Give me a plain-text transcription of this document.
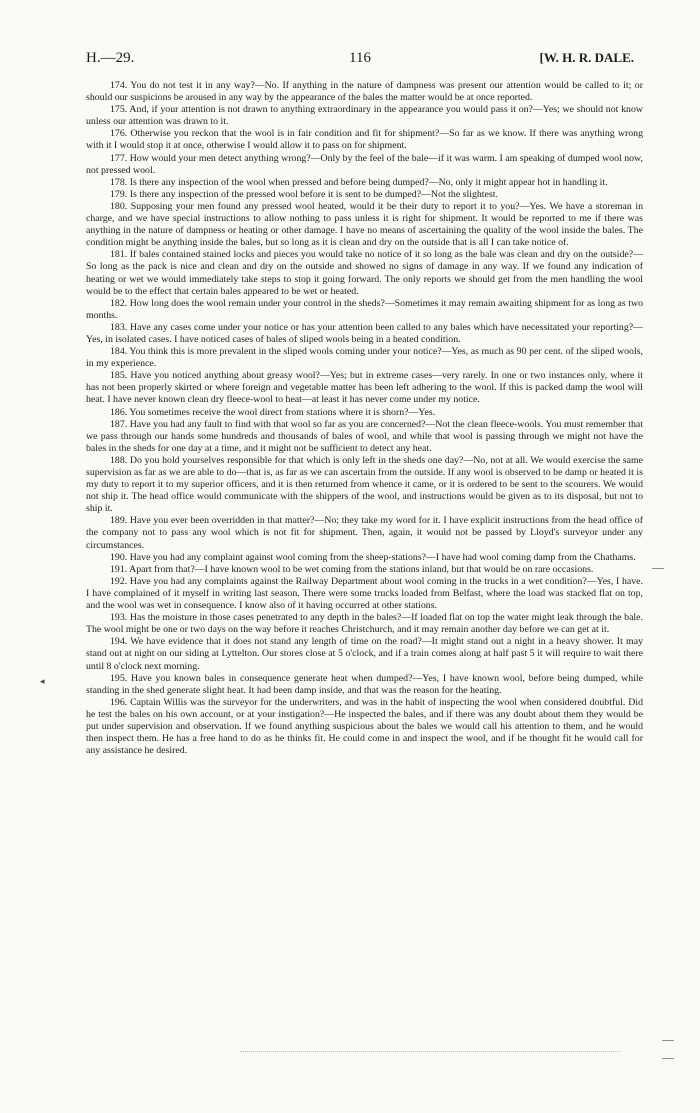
H.—29.	116	[W. H. R. DALE.

174. You do not test it in any way?—No. If anything in the nature of dampness was present our attention would be called to it; or should our suspicions be aroused in any way by the appearance of the bales the matter would be at once reported.

175. And, if your attention is not drawn to anything extraordinary in the appearance you would pass it on?—Yes; we should not know unless our attention was drawn to it.

176. Otherwise you reckon that the wool is in fair condition and fit for shipment?—So far as we know. If there was anything wrong with it I would stop it at once, otherwise I would allow it to pass on for shipment.

177. How would your men detect anything wrong?—Only by the feel of the bale—if it was warm. I am speaking of dumped wool now, not pressed wool.

178. Is there any inspection of the wool when pressed and before being dumped?—No, only it might appear hot in handling it.

179. Is there any inspection of the pressed wool before it is sent to be dumped?—Not the slightest.

180. Supposing your men found any pressed wool heated, would it be their duty to report it to you?—Yes. We have a storeman in charge, and we have special instructions to allow nothing to pass unless it is right for shipment. It would be reported to me if there was anything in the nature of dampness or heating or other damage. I have no means of ascertaining the quality of the wool inside the bales. The condition might be anything inside the bales, but so long as it is clean and dry on the outside that is all I can take notice of.

181. If bales contained stained locks and pieces you would take no notice of it so long as the bale was clean and dry on the outside?—So long as the pack is nice and clean and dry on the outside and showed no signs of damage in any way. If we found any indication of heating or wet we would immediately take steps to stop it going forward. The only reports we should get from the men handling the wool would be to the effect that certain bales appeared to be wet or heated.

182. How long does the wool remain under your control in the sheds?—Sometimes it may remain awaiting shipment for as long as two months.

183. Have any cases come under your notice or has your attention been called to any bales which have necessitated your reporting?—Yes, in isolated cases. I have noticed cases of bales of sliped wools being in a heated condition.

184. You think this is more prevalent in the sliped wools coming under your notice?—Yes, as much as 90 per cent. of the sliped wools, in my experience.

185. Have you noticed anything about greasy wool?—Yes; but in extreme cases—very rarely. In one or two instances only, where it has not been properly skirted or where foreign and vegetable matter has been left adhering to the wool. If this is packed damp the wool will heat. I have never known clean dry fleece-wool to heat—at least it has never come under my notice.

186. You sometimes receive the wool direct from stations where it is shorn?—Yes.

187. Have you had any fault to find with that wool so far as you are concerned?—Not the clean fleece-wools. You must remember that we pass through our hands some hundreds and thousands of bales of wool, and while that wool is passing through we might not have the bales in the sheds for one day at a time, and it might not be sufficient to detect any heat.

188. Do you hold yourselves responsible for that which is only left in the sheds one day?—No, not at all. We would exercise the same supervision as far as we are able to do—that is, as far as we can ascertain from the outside. If any wool is observed to be damp or heated it is my duty to report it to my superior officers, and it is then returned from whence it came, or it is ordered to be sent to the scourers. We would not ship it. The head office would communicate with the shippers of the wool, and instructions would be given as to its disposal, but not to ship it.

189. Have you ever been overridden in that matter?—No; they take my word for it. I have explicit instructions from the head office of the company not to pass any wool which is not fit for shipment. Then, again, it would not be passed by Lloyd's surveyor under any circumstances.

190. Have you had any complaint against wool coming from the sheep-stations?—I have had wool coming damp from the Chathams.

191. Apart from that?—I have known wool to be wet coming from the stations inland, but that would be on rare occasions.

192. Have you had any complaints against the Railway Department about wool coming in the trucks in a wet condition?—Yes, I have. I have complained of it myself in writing last season. There were some trucks loaded from Belfast, where the load was stacked flat on top, and the wool was wet in consequence. I know also of it having occurred at other stations.

193. Has the moisture in those cases penetrated to any depth in the bales?—If loaded flat on top the water might leak through the bale. The wool might be one or two days on the way before it reaches Christchurch, and it may remain another day before we can get at it.

194. We have evidence that it does not stand any length of time on the road?—It might stand out a night in a heavy shower. It may stand out at night on our siding at Lyttelton. Our stores close at 5 o'clock, and if a train comes along at half past 5 it will require to wait there until 8 o'clock next morning.

195. Have you known bales in consequence generate heat when dumped?—Yes, I have known wool, before being dumped, while standing in the shed generate slight heat. It had been damp inside, and that was the reason for the heating.

196. Captain Willis was the surveyor for the underwriters, and was in the habit of inspecting the wool when considered doubtful. Did he test the bales on his own account, or at your instigation?—He inspected the bales, and if there was any doubt about them they would be put under supervision and observation. If we found anything suspicious about the bales we would call his attention to them, and he would then inspect them. He has a free hand to do as he thinks fit. He could come in and inspect the wool, and if he thought fit he would call for any assistance he desired.

—
◂
—
—
